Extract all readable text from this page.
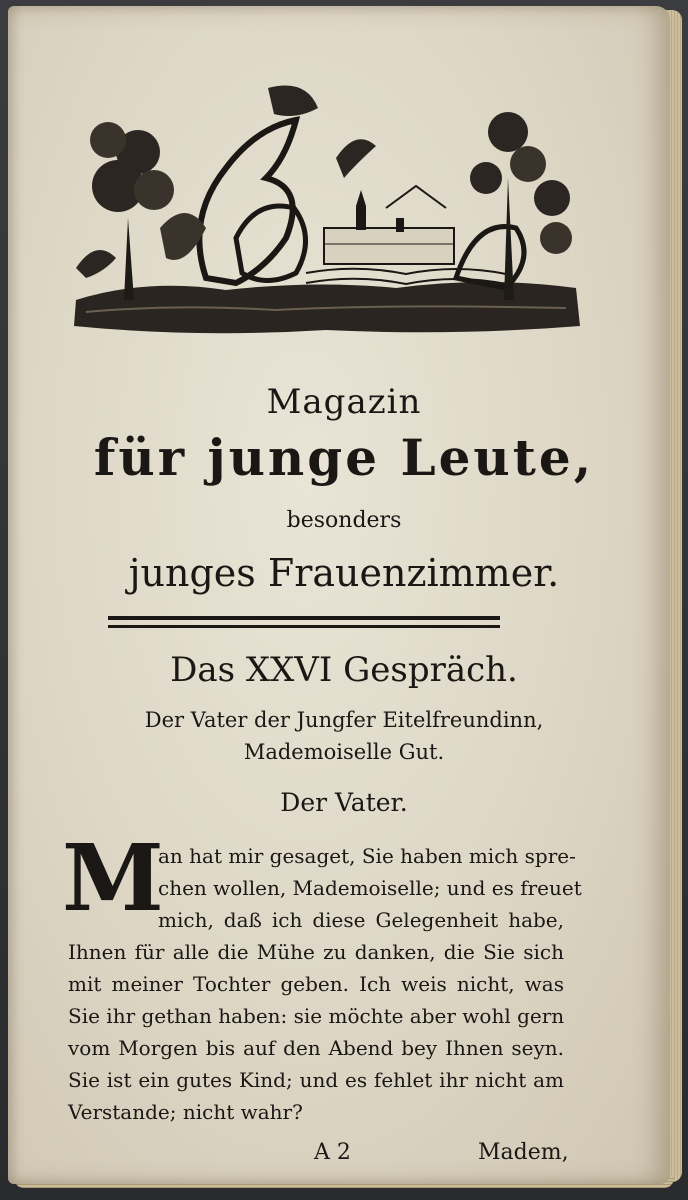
Magazin
für junge Leute,
besonders
junges Frauenzimmer.
Das XXVI Gespräch.
Der Vater der Jungfer Eitelfreundinn,
Mademoiselle Gut.
Der Vater.
M
an hat mir gesaget, Sie haben mich spre-
chen wollen, Mademoiselle; und es freuet
mich, daß ich diese Gelegenheit habe,
Ihnen für alle die Mühe zu danken, die Sie sich
mit meiner Tochter geben. Ich weis nicht, was
Sie ihr gethan haben: sie möchte aber wohl gern
vom Morgen bis auf den Abend bey Ihnen seyn.
Sie ist ein gutes Kind; und es fehlet ihr nicht am
Verstande; nicht wahr?
A 2	Madem,
